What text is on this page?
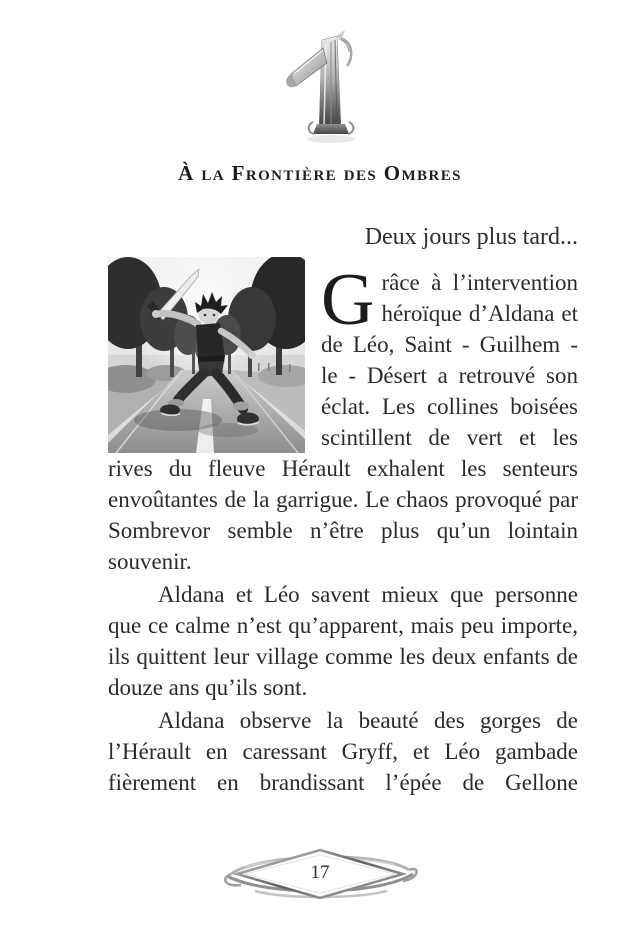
À la Frontière des Ombres
Deux jours plus tard...

Grâce à l’intervention héroïque d’Aldana et de Léo, Saint - Guilhem - le - Désert a retrouvé son éclat. Les collines boisées scintillent de vert et les rives du fleuve Hérault exhalent les senteurs envoûtantes de la garrigue. Le chaos provoqué par Sombrevor semble n’être plus qu’un lointain souvenir.

Aldana et Léo savent mieux que personne que ce calme n’est qu’apparent, mais peu importe, ils quittent leur village comme les deux enfants de douze ans qu’ils sont.

Aldana observe la beauté des gorges de l’Hérault en caressant Gryff, et Léo gambade fièrement en brandissant l’épée de Gellone

17
